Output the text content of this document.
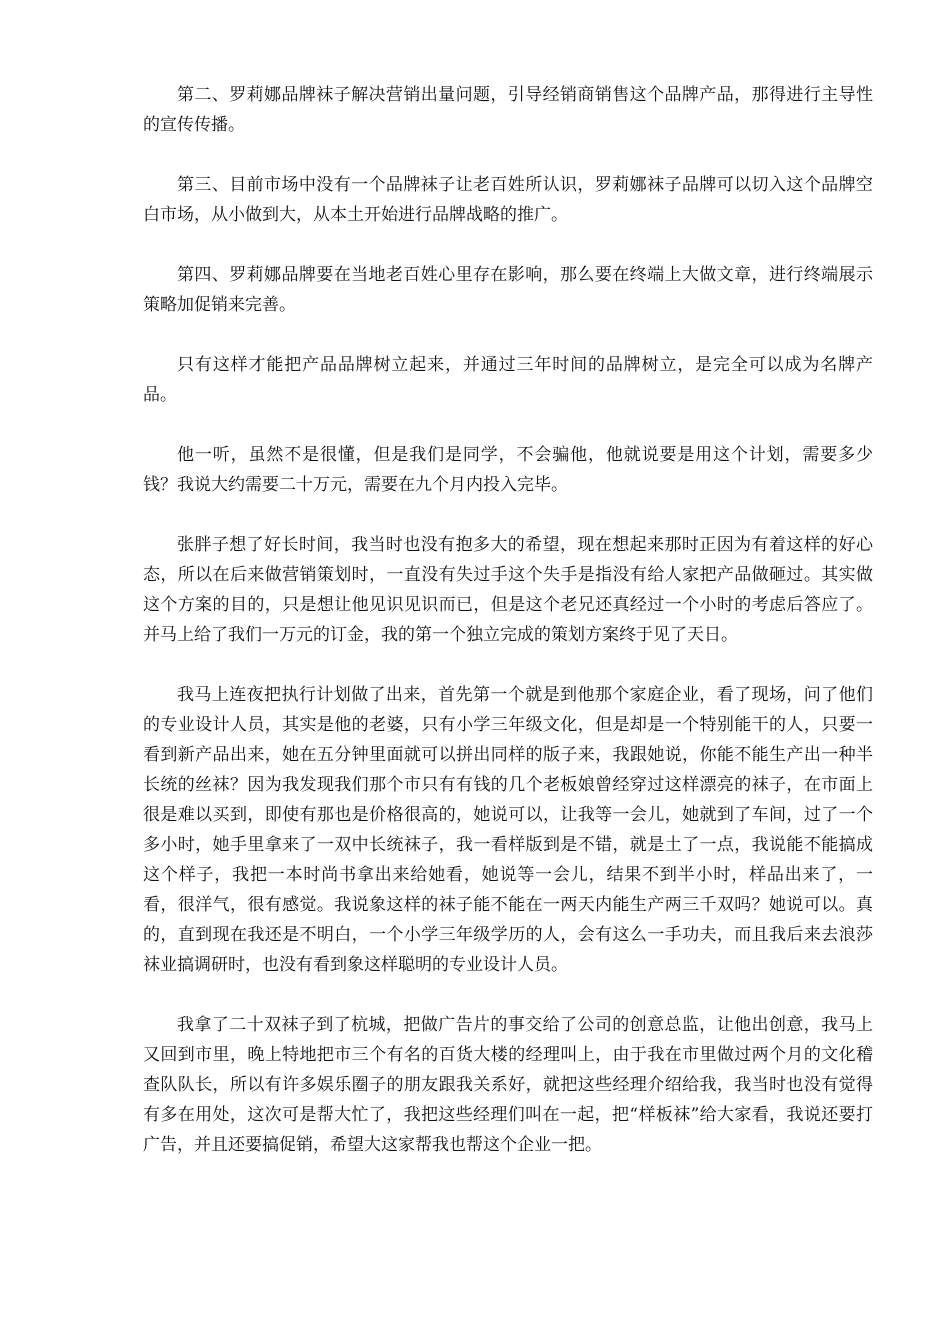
第二、罗莉娜品牌袜子解决营销出量问题，引导经销商销售这个品牌产品，那得进行主导性的宣传传播。

第三、目前市场中没有一个品牌袜子让老百姓所认识，罗莉娜袜子品牌可以切入这个品牌空白市场，从小做到大，从本土开始进行品牌战略的推广。

第四、罗莉娜品牌要在当地老百姓心里存在影响，那么要在终端上大做文章，进行终端展示策略加促销来完善。

只有这样才能把产品品牌树立起来，并通过三年时间的品牌树立，是完全可以成为名牌产品。

他一听，虽然不是很懂，但是我们是同学，不会骗他，他就说要是用这个计划，需要多少钱？我说大约需要二十万元，需要在九个月内投入完毕。

张胖子想了好长时间，我当时也没有抱多大的希望，现在想起来那时正因为有着这样的好心态，所以在后来做营销策划时，一直没有失过手这个失手是指没有给人家把产品做砸过。其实做这个方案的目的，只是想让他见识见识而已，但是这个老兄还真经过一个小时的考虑后答应了。并马上给了我们一万元的订金，我的第一个独立完成的策划方案终于见了天日。

我马上连夜把执行计划做了出来，首先第一个就是到他那个家庭企业，看了现场，问了他们的专业设计人员，其实是他的老婆，只有小学三年级文化，但是却是一个特别能干的人，只要一看到新产品出来，她在五分钟里面就可以拼出同样的版子来，我跟她说，你能不能生产出一种半长统的丝袜？因为我发现我们那个市只有有钱的几个老板娘曾经穿过这样漂亮的袜子，在市面上很是难以买到，即使有那也是价格很高的，她说可以，让我等一会儿，她就到了车间，过了一个多小时，她手里拿来了一双中长统袜子，我一看样版到是不错，就是土了一点，我说能不能搞成这个样子，我把一本时尚书拿出来给她看，她说等一会儿，结果不到半小时，样品出来了，一看，很洋气，很有感觉。我说象这样的袜子能不能在一两天内能生产两三千双吗？她说可以。真的，直到现在我还是不明白，一个小学三年级学历的人，会有这么一手功夫，而且我后来去浪莎袜业搞调研时，也没有看到象这样聪明的专业设计人员。

我拿了二十双袜子到了杭城，把做广告片的事交给了公司的创意总监，让他出创意，我马上又回到市里，晚上特地把市三个有名的百货大楼的经理叫上，由于我在市里做过两个月的文化稽查队队长，所以有许多娱乐圈子的朋友跟我关系好，就把这些经理介绍给我，我当时也没有觉得有多在用处，这次可是帮大忙了，我把这些经理们叫在一起，把“样板袜”给大家看，我说还要打广告，并且还要搞促销，希望大这家帮我也帮这个企业一把。
